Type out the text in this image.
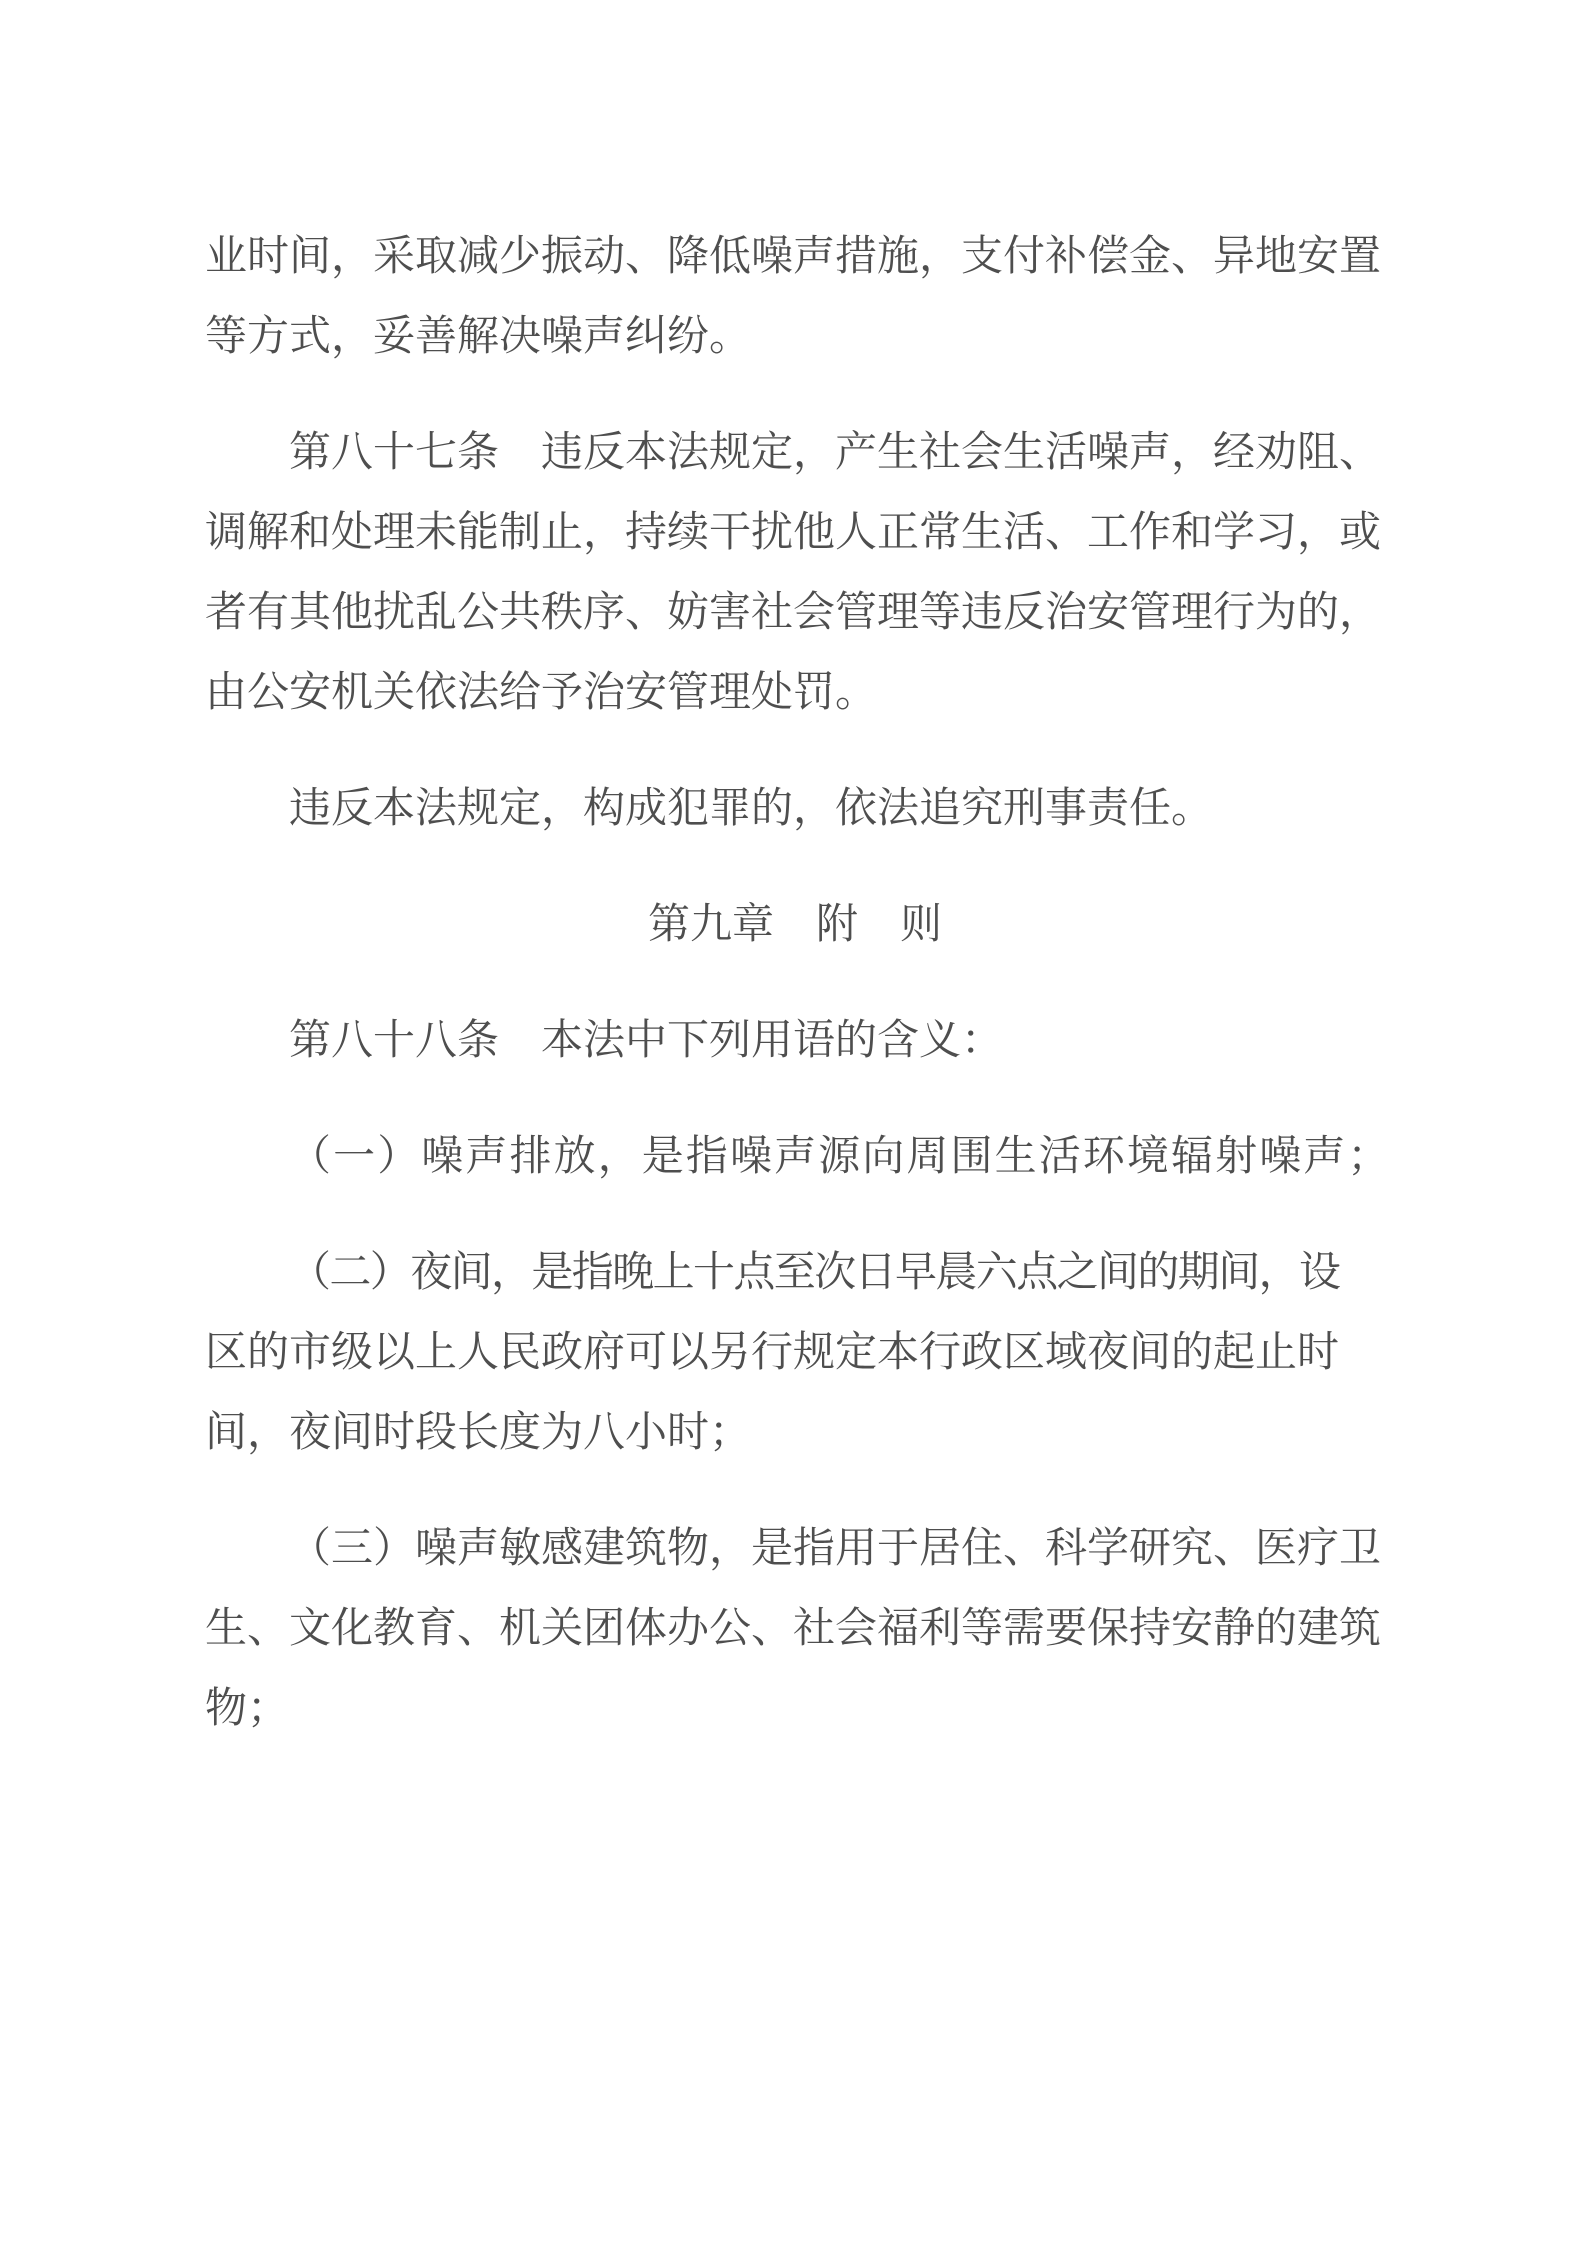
业时间，采取减少振动、降低噪声措施，支付补偿金、异地安置
等方式，妥善解决噪声纠纷。
第八十七条　违反本法规定，产生社会生活噪声，经劝阻、
调解和处理未能制止，持续干扰他人正常生活、工作和学习，或
者有其他扰乱公共秩序、妨害社会管理等违反治安管理行为的，
由公安机关依法给予治安管理处罚。
违反本法规定，构成犯罪的，依法追究刑事责任。
第九章　附　则
第八十八条　本法中下列用语的含义：
（一）噪声排放，是指噪声源向周围生活环境辐射噪声；
（二）夜间，是指晚上十点至次日早晨六点之间的期间，设
区的市级以上人民政府可以另行规定本行政区域夜间的起止时
间，夜间时段长度为八小时；
（三）噪声敏感建筑物，是指用于居住、科学研究、医疗卫
生、文化教育、机关团体办公、社会福利等需要保持安静的建筑
物；
